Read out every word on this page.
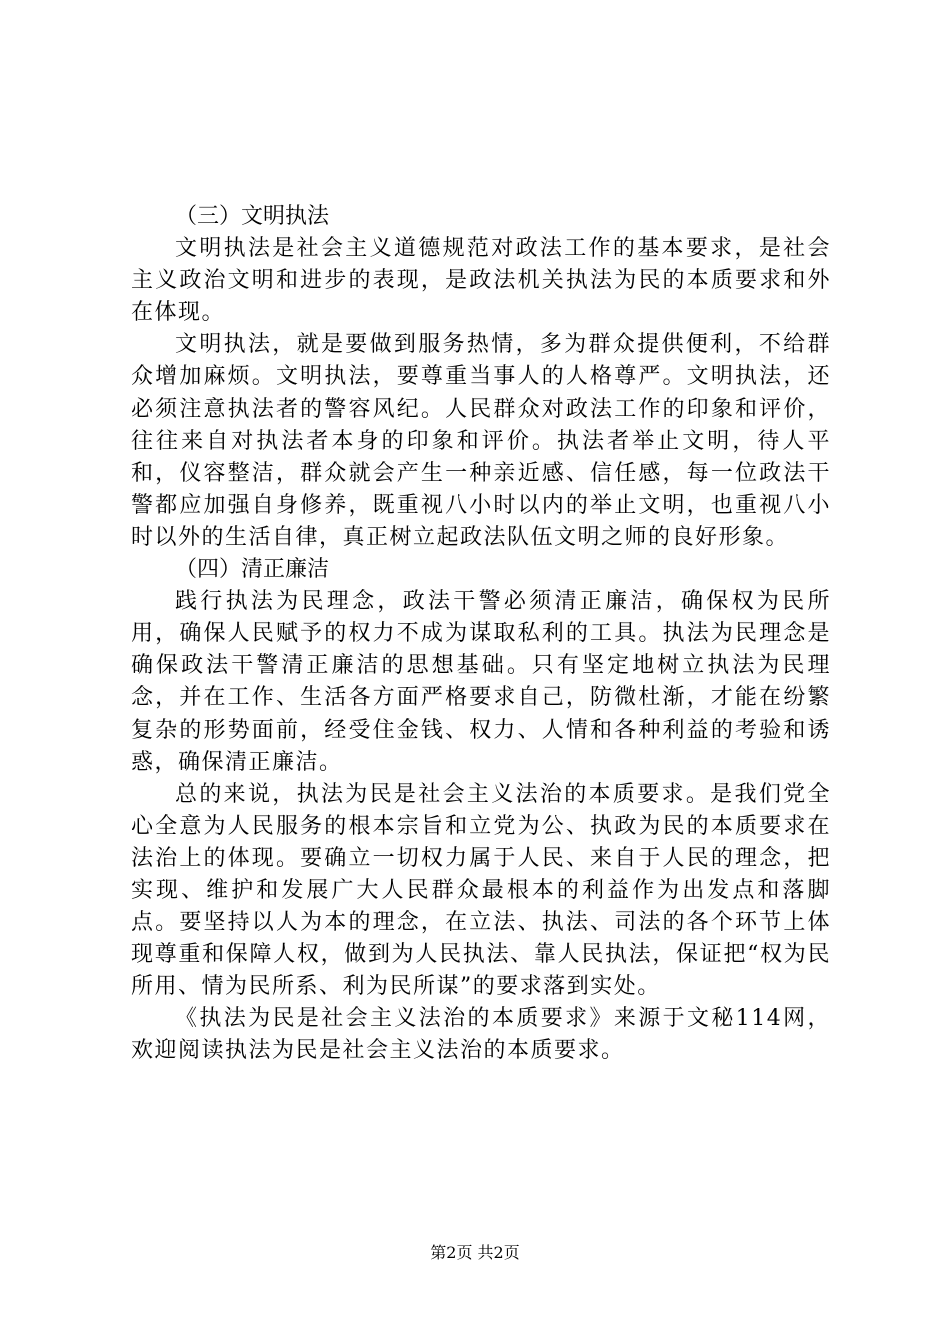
（三）文明执法

文明执法是社会主义道德规范对政法工作的基本要求，是社会主义政治文明和进步的表现，是政法机关执法为民的本质要求和外在体现。

文明执法，就是要做到服务热情，多为群众提供便利，不给群众增加麻烦。文明执法，要尊重当事人的人格尊严。文明执法，还必须注意执法者的警容风纪。人民群众对政法工作的印象和评价，往往来自对执法者本身的印象和评价。执法者举止文明，待人平和，仪容整洁，群众就会产生一种亲近感、信任感，每一位政法干警都应加强自身修养，既重视八小时以内的举止文明，也重视八小时以外的生活自律，真正树立起政法队伍文明之师的良好形象。

（四）清正廉洁

践行执法为民理念，政法干警必须清正廉洁，确保权为民所用，确保人民赋予的权力不成为谋取私利的工具。执法为民理念是确保政法干警清正廉洁的思想基础。只有坚定地树立执法为民理念，并在工作、生活各方面严格要求自己，防微杜渐，才能在纷繁复杂的形势面前，经受住金钱、权力、人情和各种利益的考验和诱惑，确保清正廉洁。

总的来说，执法为民是社会主义法治的本质要求。是我们党全心全意为人民服务的根本宗旨和立党为公、执政为民的本质要求在法治上的体现。要确立一切权力属于人民、来自于人民的理念，把实现、维护和发展广大人民群众最根本的利益作为出发点和落脚点。要坚持以人为本的理念，在立法、执法、司法的各个环节上体现尊重和保障人权，做到为人民执法、靠人民执法，保证把“权为民所用、情为民所系、利为民所谋”的要求落到实处。

《执法为民是社会主义法治的本质要求》来源于文秘114网，欢迎阅读执法为民是社会主义法治的本质要求。

第2页 共2页
